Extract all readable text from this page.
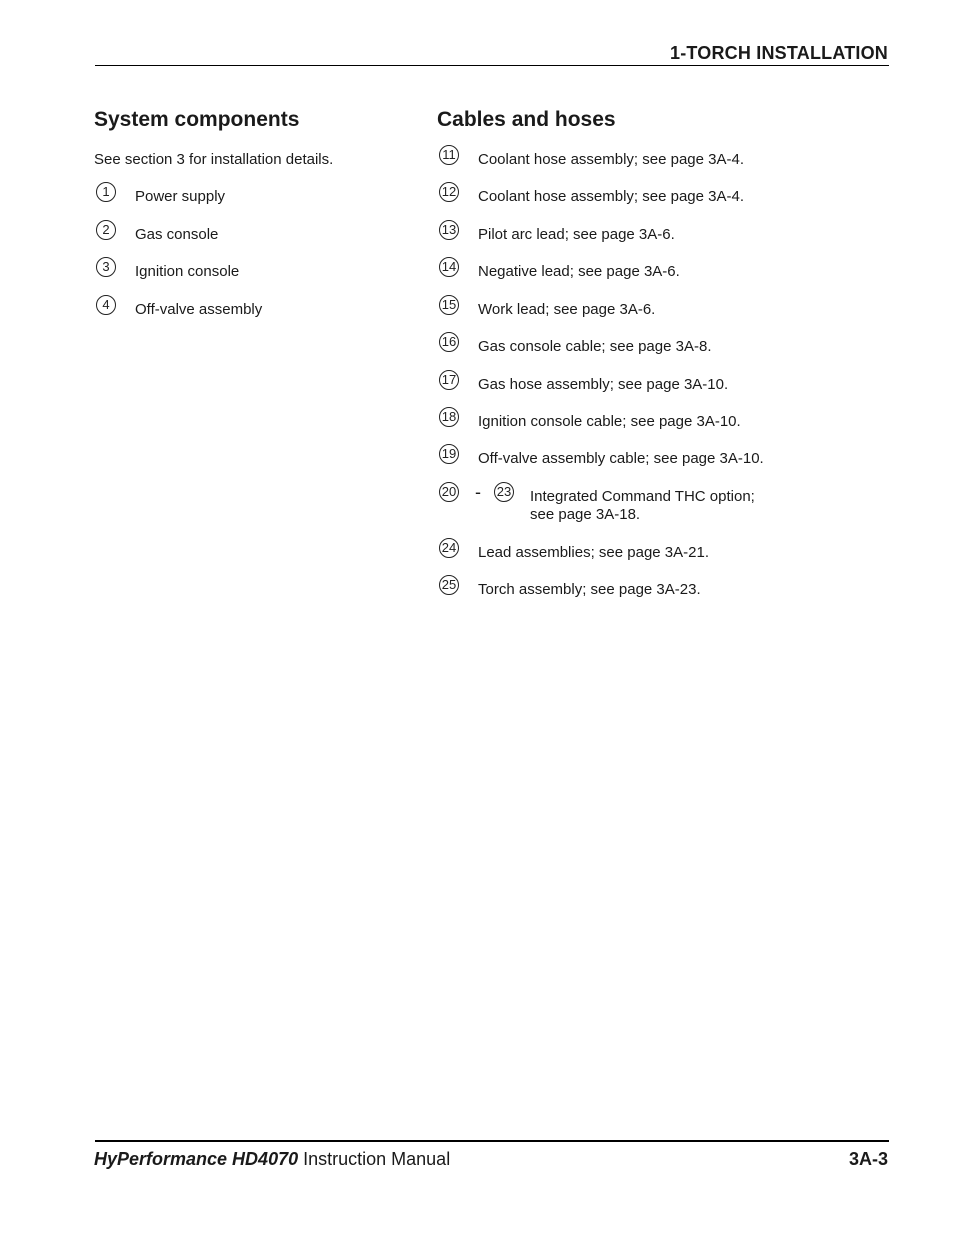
1-TORCH INSTALLATION
System components

See section 3 for installation details.

1	Power supply
2	Gas console
3	Ignition console
4	Off-valve assembly
Cables and hoses
11 Coolant hose assembly; see page 3A-4.
12 Coolant hose assembly; see page 3A-4.
13 Pilot arc lead; see page 3A-6.
14 Negative lead; see page 3A-6.
15 Work lead; see page 3A-6.
16 Gas console cable; see page 3A-8.
17 Gas hose assembly; see page 3A-10.
18 Ignition console cable; see page 3A-10.
19 Off-valve assembly cable; see page 3A-10.
20 - 23 Integrated Command THC option;
see page 3A-18.
24 Lead assemblies; see page 3A-21.
25 Torch assembly; see page 3A-23.
HyPerformance HD4070 Instruction Manual	3A-3
